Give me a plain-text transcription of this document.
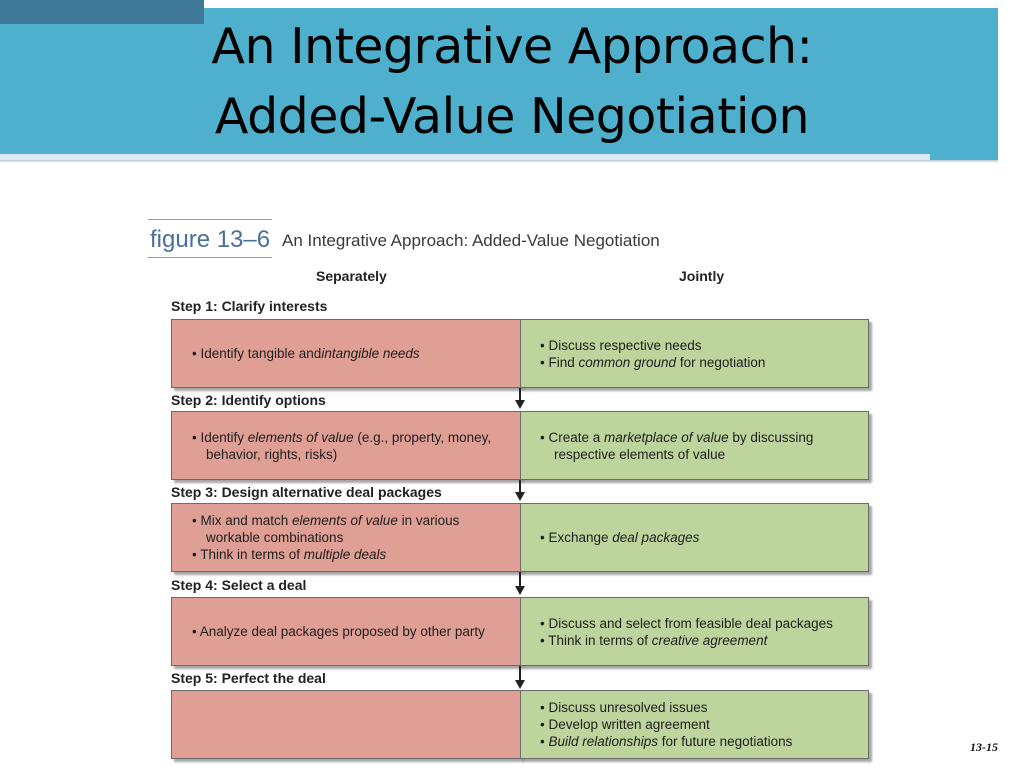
An Integrative Approach:
Added-Value Negotiation
figure 13–6 An Integrative Approach: Added-Value Negotiation
Separately	Jointly
Step 1: Clarify interests
• Identify tangible andintangible needs
• Discuss respective needs
• Find common ground for negotiation
Step 2: Identify options
• Identify elements of value (e.g., property, money,
behavior, rights, risks)
• Create a marketplace of value by discussing
respective elements of value
Step 3: Design alternative deal packages
• Mix and match elements of value in various
workable combinations
• Think in terms of multiple deals
• Exchange deal packages
Step 4: Select a deal
• Analyze deal packages proposed by other party
• Discuss and select from feasible deal packages
• Think in terms of creative agreement
Step 5: Perfect the deal
• Discuss unresolved issues
• Develop written agreement
• Build relationships for future negotiations	13-15
